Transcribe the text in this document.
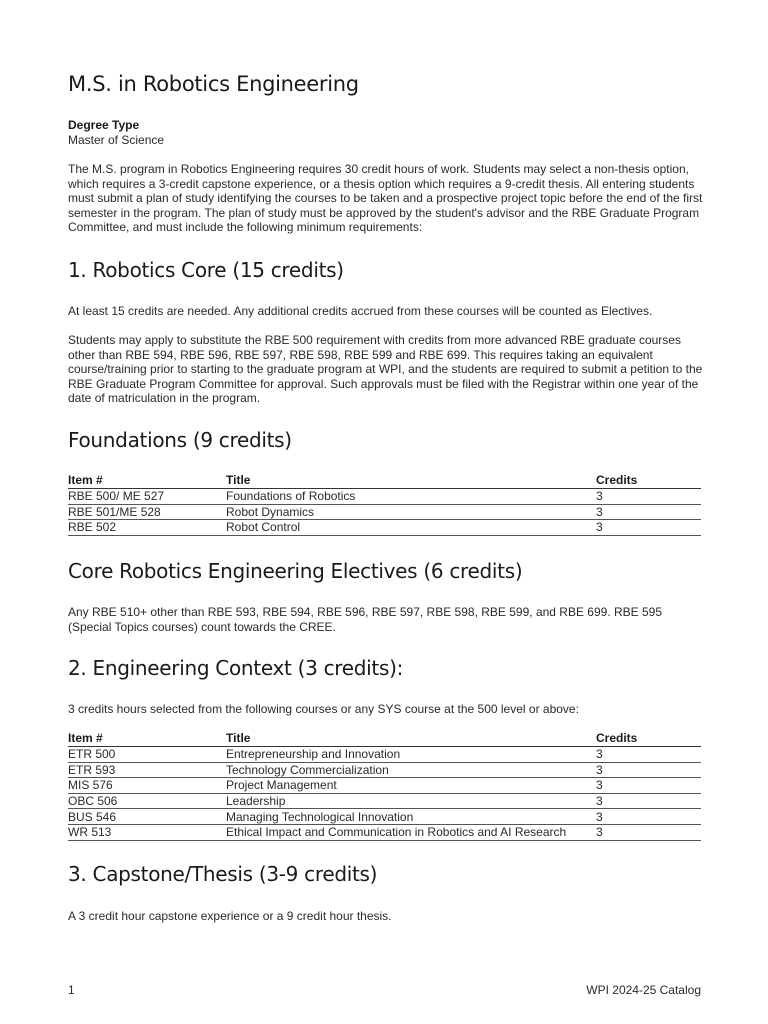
M.S. in Robotics Engineering
Degree Type
Master of Science

The M.S. program in Robotics Engineering requires 30 credit hours of work. Students may select a non-thesis option, which requires a 3-credit capstone experience, or a thesis option which requires a 9-credit thesis. All entering students must submit a plan of study identifying the courses to be taken and a prospective project topic before the end of the first semester in the program. The plan of study must be approved by the student's advisor and the RBE Graduate Program Committee, and must include the following minimum requirements:

1. Robotics Core (15 credits)

At least 15 credits are needed. Any additional credits accrued from these courses will be counted as Electives.

Students may apply to substitute the RBE 500 requirement with credits from more advanced RBE graduate courses other than RBE 594, RBE 596, RBE 597, RBE 598, RBE 599 and RBE 699. This requires taking an equivalent course/training prior to starting to the graduate program at WPI, and the students are required to submit a petition to the RBE Graduate Program Committee for approval. Such approvals must be filed with the Registrar within one year of the date of matriculation in the program.

Foundations (9 credits)
Item #	Title	Credits
RBE 500/ ME 527	Foundations of Robotics	3
RBE 501/ME 528	Robot Dynamics	3
RBE 502	Robot Control	3
Core Robotics Engineering Electives (6 credits)

Any RBE 510+ other than RBE 593, RBE 594, RBE 596, RBE 597, RBE 598, RBE 599, and RBE 699. RBE 595 (Special Topics courses) count towards the CREE.

2. Engineering Context (3 credits):

3 credits hours selected from the following courses or any SYS course at the 500 level or above:

Item #	Title	Credits
ETR 500	Entrepreneurship and Innovation	3
ETR 593	Technology Commercialization	3
MIS 576	Project Management	3
OBC 506	Leadership	3
BUS 546	Managing Technological Innovation	3
WR 513	Ethical Impact and Communication in Robotics and AI Research	3
3. Capstone/Thesis (3-9 credits)

A 3 credit hour capstone experience or a 9 credit hour thesis.

1	WPI 2024-25 Catalog
